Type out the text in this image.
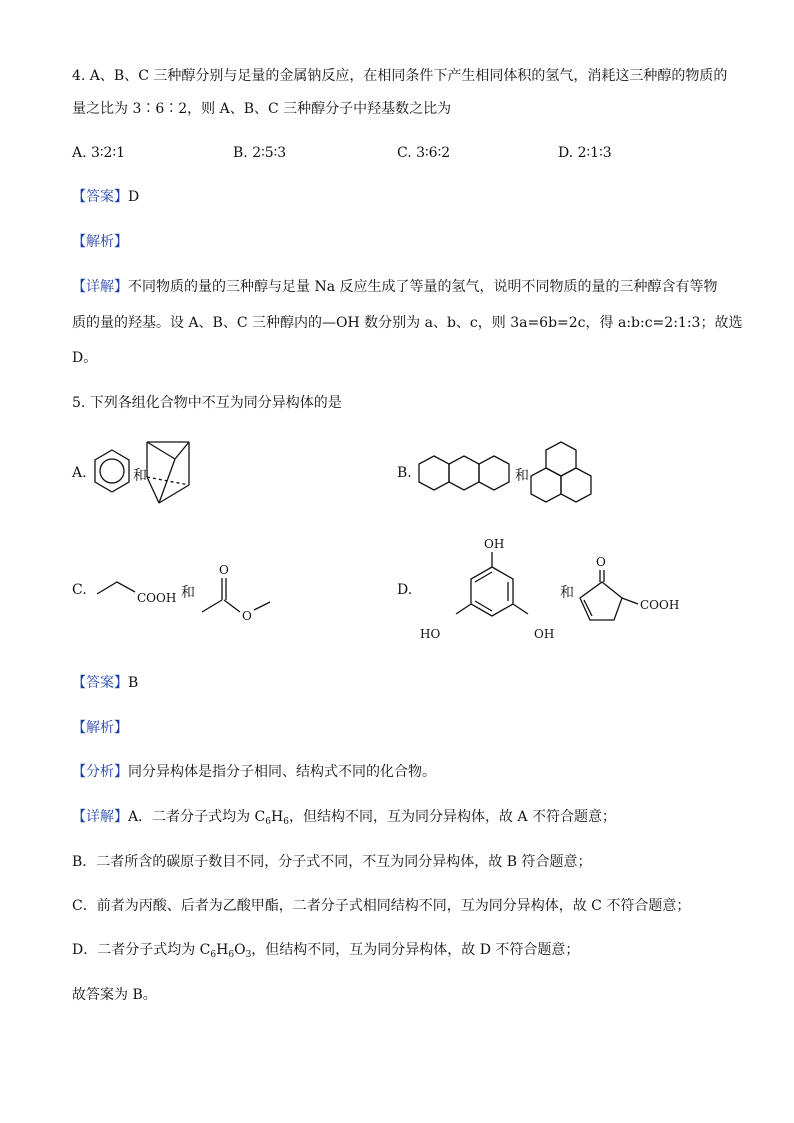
4. A、B、C 三种醇分别与足量的金属钠反应，在相同条件下产生相同体积的氢气，消耗这三种醇的物质的
量之比为 3∶6∶2，则 A、B、C 三种醇分子中羟基数之比为
A. 3∶2∶1	B. 2∶5∶3	C. 3∶6∶2	D. 2∶1∶3
【答案】D
【解析】
【详解】不同物质的量的三种醇与足量 Na 反应生成了等量的氢气，说明不同物质的量的三种醇含有等物
质的量的羟基。设 A、B、C 三种醇内的—OH 数分别为 a、b、c，则 3a=6b=2c，得 a:b:c=2:1:3；故选
D。
5. 下列各组化合物中不互为同分异构体的是
A.	和	B.	和
C.	COOH 和
O
O
D.
OH
HO	OH
和
O
COOH
【答案】B
【解析】
【分析】同分异构体是指分子相同、结构式不同的化合物。
【详解】A．二者分子式均为 $C_6H_6$，但结构不同，互为同分异构体，故 A 不符合题意；
B．二者所含的碳原子数目不同，分子式不同，不互为同分异构体，故 B 符合题意；
C．前者为丙酸、后者为乙酸甲酯，二者分子式相同结构不同，互为同分异构体，故 C 不符合题意；
D．二者分子式均为 $C_6H_6O_3$，但结构不同，互为同分异构体，故 D 不符合题意；
故答案为 B。
